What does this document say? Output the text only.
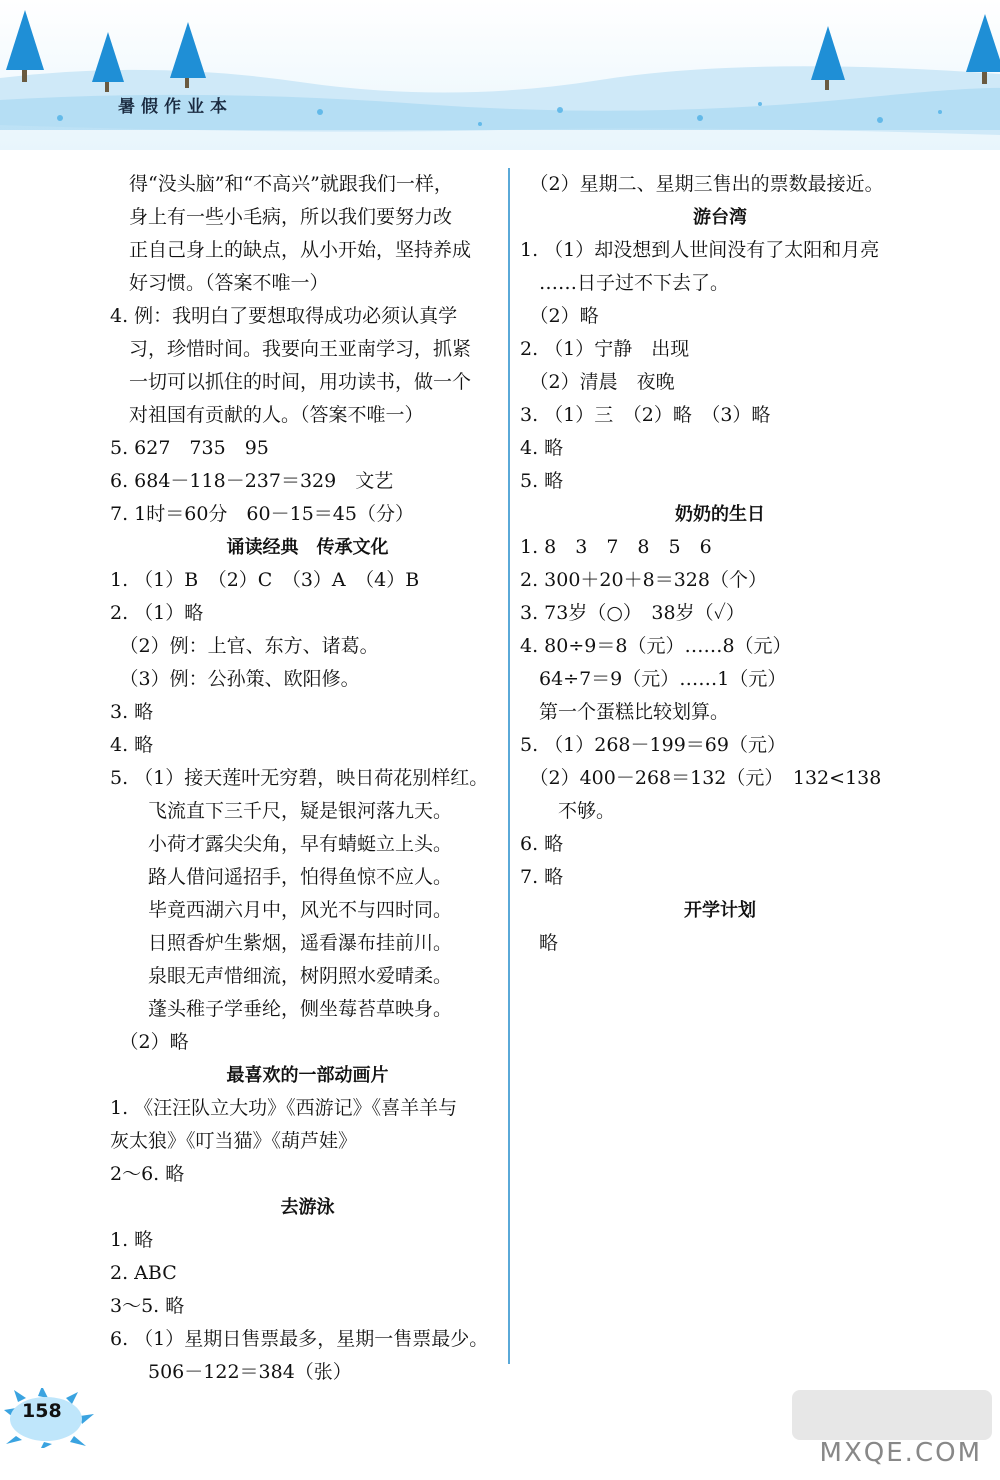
暑假作业本
　得“没头脑”和“不高兴”就跟我们一样，
　身上有一些小毛病，所以我们要努力改
　正自己身上的缺点，从小开始，坚持养成
　好习惯。（答案不唯一）
4. 例：我明白了要想取得成功必须认真学
　习，珍惜时间。我要向王亚南学习，抓紧
　一切可以抓住的时间，用功读书，做一个
　对祖国有贡献的人。（答案不唯一）
5. 627　735　95
6. 684－118－237＝329　文艺
7. 1时＝60分　60－15＝45（分）
诵读经典　传承文化
1. （1）B　（2）C　（3）A　（4）B
2. （1）略
　（2）例：上官、东方、诸葛。
　（3）例：公孙策、欧阳修。
3. 略
4. 略
5. （1）接天莲叶无穷碧，映日荷花别样红。
　　飞流直下三千尺，疑是银河落九天。
　　小荷才露尖尖角，早有蜻蜓立上头。
　　路人借问遥招手，怕得鱼惊不应人。
　　毕竟西湖六月中，风光不与四时同。
　　日照香炉生紫烟，遥看瀑布挂前川。
　　泉眼无声惜细流，树阴照水爱晴柔。
　　蓬头稚子学垂纶，侧坐莓苔草映身。
　（2）略
最喜欢的一部动画片
1. 《汪汪队立大功》《西游记》《喜羊羊与
灰太狼》《叮当猫》《葫芦娃》
2～6. 略
去游泳
1. 略
2. ABC
3～5. 略
6. （1）星期日售票最多，星期一售票最少。
　　506－122＝384（张）
　（2）星期二、星期三售出的票数最接近。
游台湾
1. （1）却没想到人世间没有了太阳和月亮
　……日子过不下去了。
　（2）略
2. （1）宁静　出现
　（2）清晨　夜晚
3. （1）三　（2）略　（3）略
4. 略
5. 略
奶奶的生日
1. 8　3　7　8　5　6
2. 300＋20＋8＝328（个）
3. 73岁（○）　38岁（✓）
4. 80÷9＝8（元）……8（元）
　64÷7＝9（元）……1（元）
　第一个蛋糕比较划算。
5. （1）268－199＝69（元）
　（2）400－268＝132（元）　132<138
　　不够。
6. 略
7. 略
开学计划
　略
158
MXQE.COM
